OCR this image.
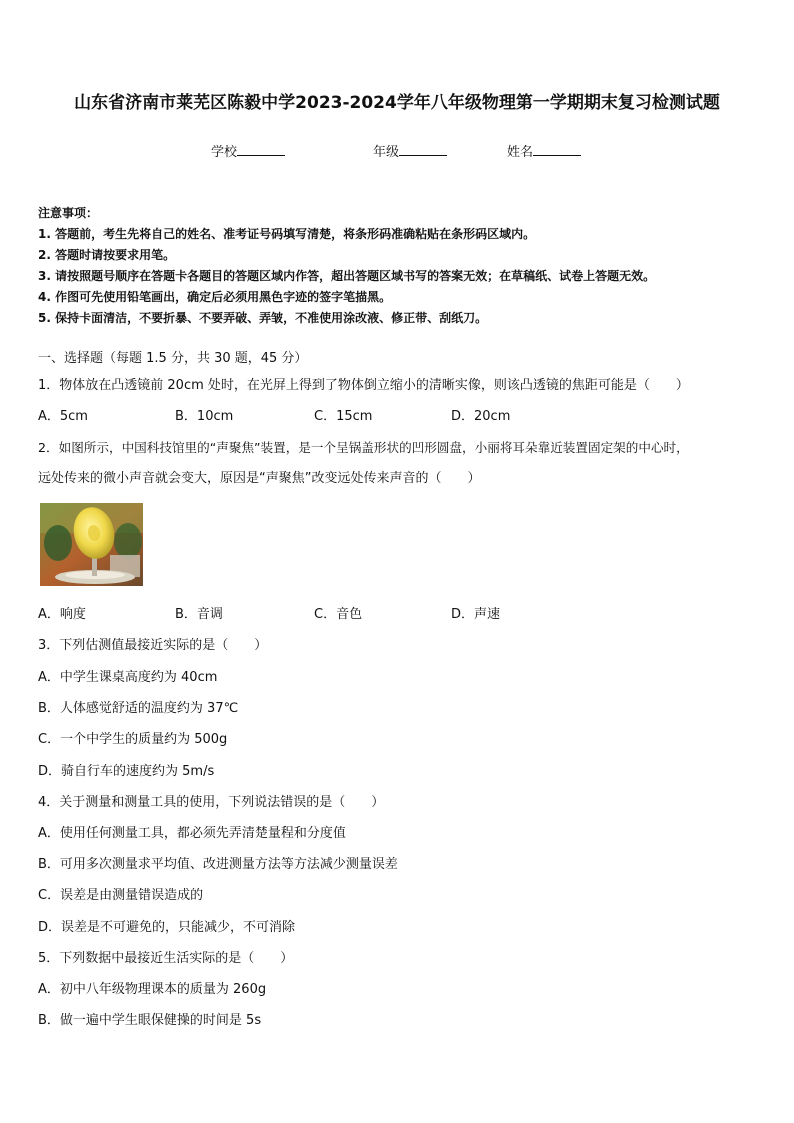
山东省济南市莱芜区陈毅中学2023-2024学年八年级物理第一学期期末复习检测试题
学校	年级	姓名
注意事项：
1. 答题前，考生先将自己的姓名、准考证号码填写清楚，将条形码准确粘贴在条形码区域内。
2. 答题时请按要求用笔。
3. 请按照题号顺序在答题卡各题目的答题区域内作答，超出答题区域书写的答案无效；在草稿纸、试卷上答题无效。
4. 作图可先使用铅笔画出，确定后必须用黑色字迹的签字笔描黑。
5. 保持卡面清洁，不要折暴、不要弄破、弄皱，不准使用涂改液、修正带、刮纸刀。
一、选择题（每题 1.5 分，共 30 题，45 分）
1．物体放在凸透镜前 20cm 处时，在光屏上得到了物体倒立缩小的清晰实像，则该凸透镜的焦距可能是（　　）
A．5cm	B．10cm	C．15cm	D．20cm
2．如图所示，中国科技馆里的“声聚焦”装置，是一个呈锅盖形状的凹形圆盘，小丽将耳朵靠近装置固定架的中心时，
远处传来的微小声音就会变大，原因是“声聚焦”改变远处传来声音的（　　）
A．响度	B．音调	C．音色	D．声速
3．下列估测值最接近实际的是（　　）
A．中学生课桌高度约为 40cm
B．人体感觉舒适的温度约为 37℃
C．一个中学生的质量约为 500g
D．骑自行车的速度约为 5m/s
4．关于测量和测量工具的使用，下列说法错误的是（　　）
A．使用任何测量工具，都必须先弄清楚量程和分度值
B．可用多次测量求平均值、改进测量方法等方法减少测量误差
C．误差是由测量错误造成的
D．误差是不可避免的，只能减少，不可消除
5．下列数据中最接近生活实际的是（　　）
A．初中八年级物理课本的质量为 260g
B．做一遍中学生眼保健操的时间是 5s
